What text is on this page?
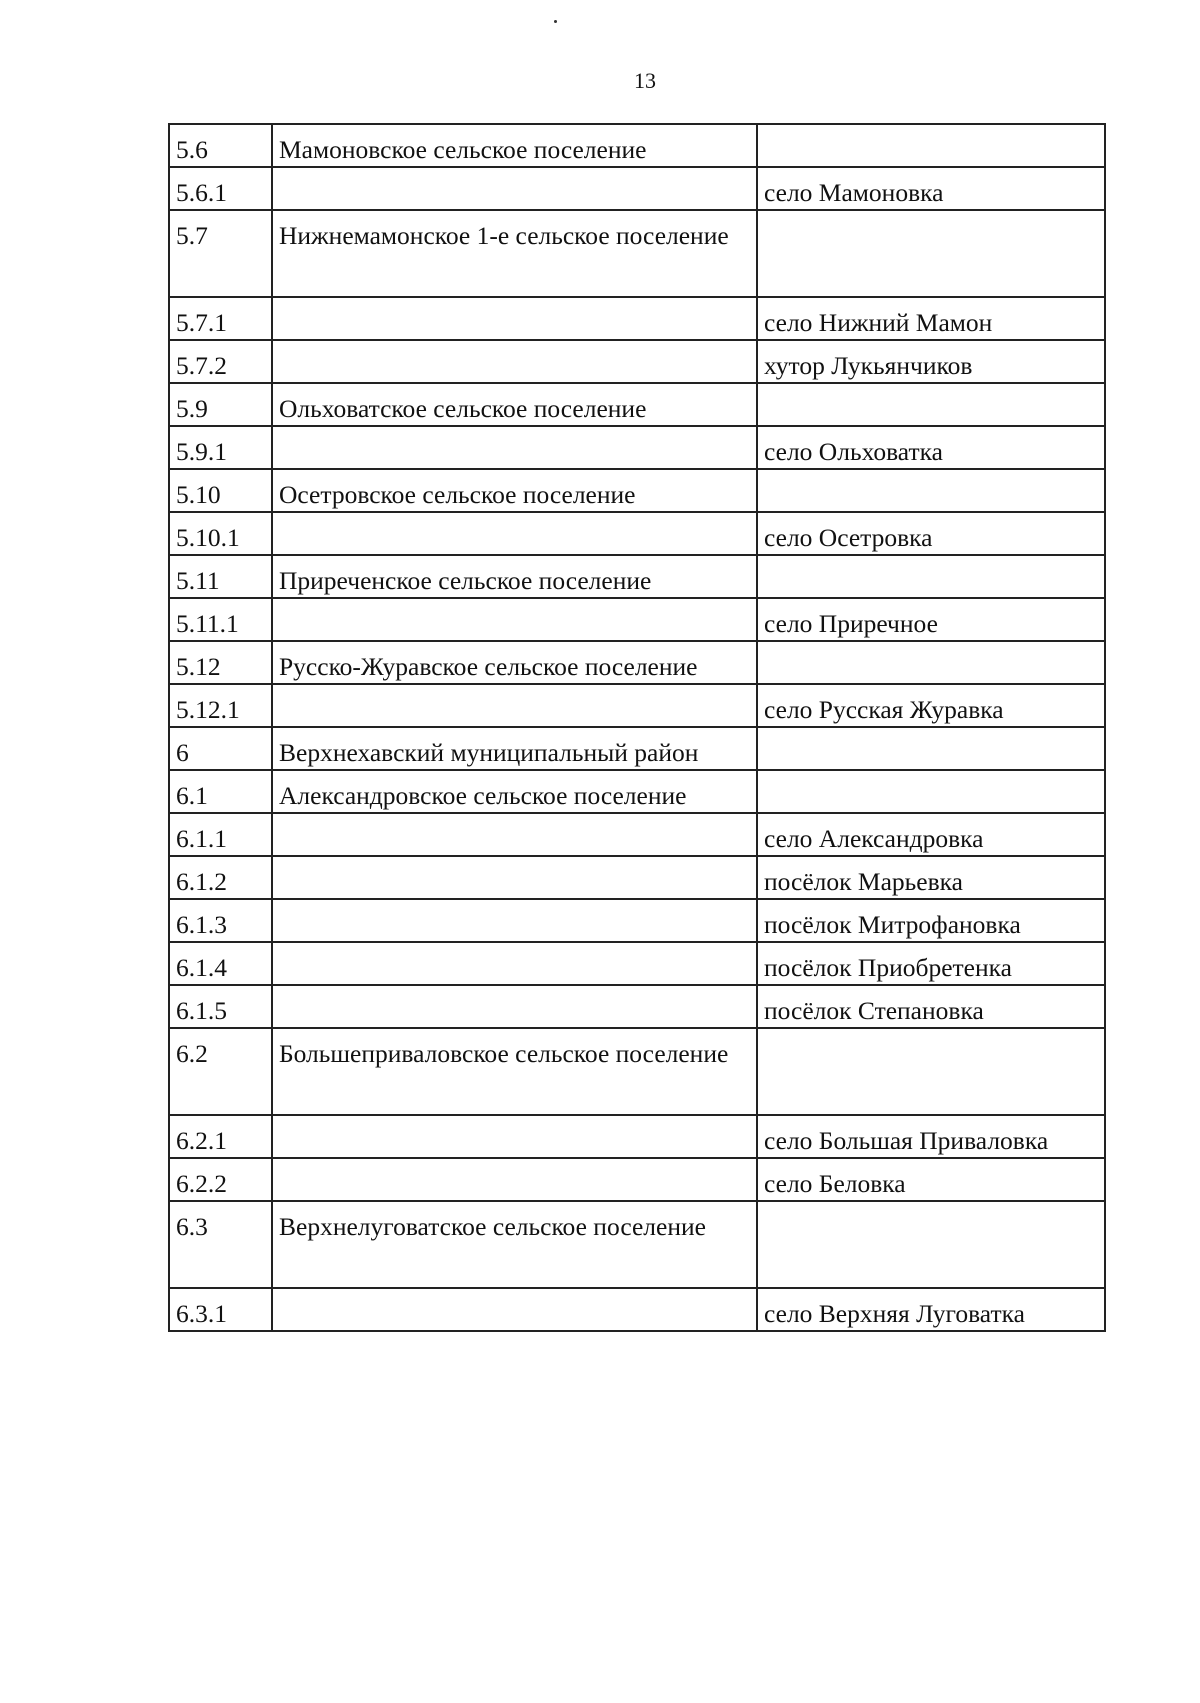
13
5.6	Мамоновское сельское поселение	
5.6.1		село Мамоновка
5.7	Нижнемамонское 1-е сельское поселение	
5.7.1		село Нижний Мамон
5.7.2		хутор Лукьянчиков
5.9	Ольховатское сельское поселение	
5.9.1		село Ольховатка
5.10	Осетровское сельское поселение	
5.10.1		село Осетровка
5.11	Приреченское сельское поселение	
5.11.1		село Приречное
5.12	Русско-Журавское сельское поселение	
5.12.1		село Русская Журавка
6	Верхнехавский муниципальный район	
6.1	Александровское сельское поселение	
6.1.1		село Александровка
6.1.2		посёлок Марьевка
6.1.3		посёлок Митрофановка
6.1.4		посёлок Приобретенка
6.1.5		посёлок Степановка
6.2	Большеприваловское сельское поселение	
6.2.1		село Большая Приваловка
6.2.2		село Беловка
6.3	Верхнелуговатское сельское поселение	
6.3.1		село Верхняя Луговатка
